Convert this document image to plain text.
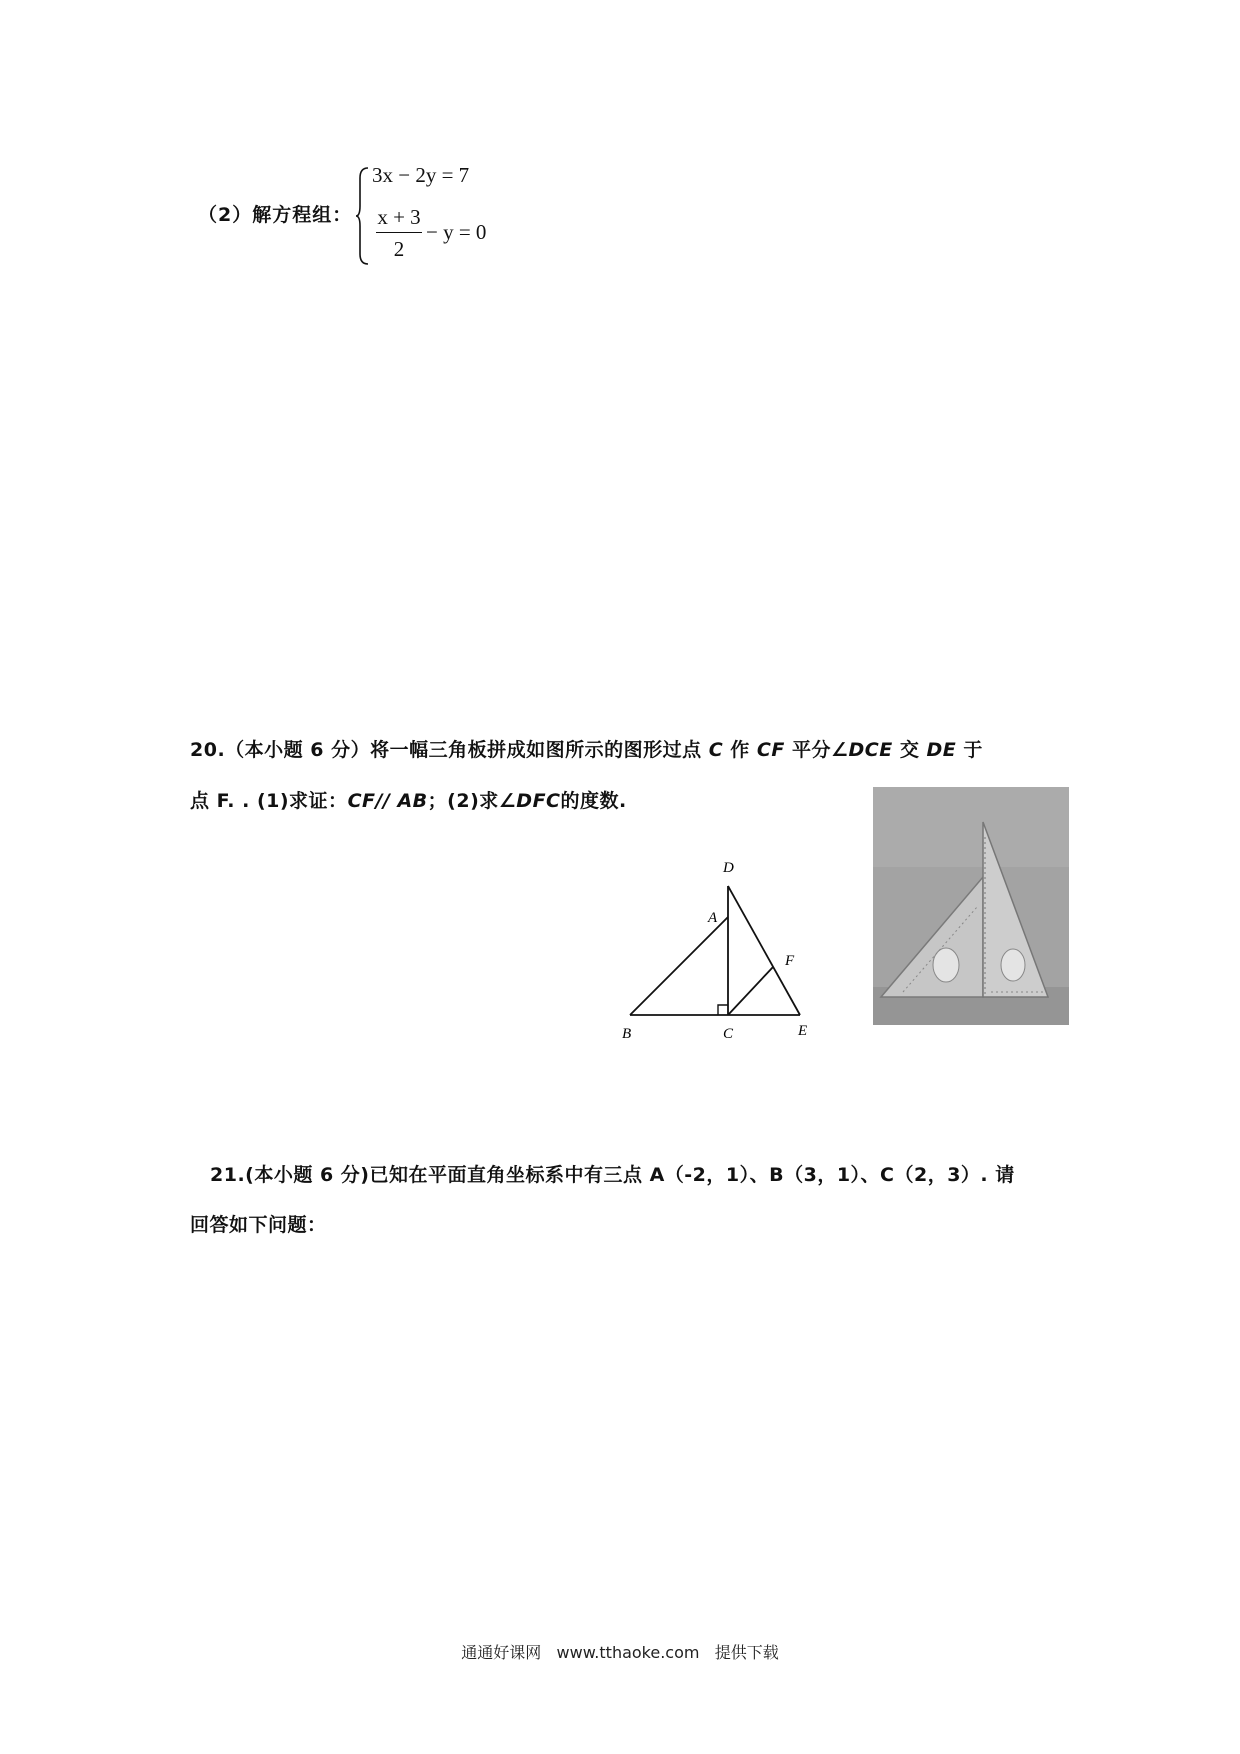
（2）解方程组：
3x − 2y = 7
$\frac{x + 3}{2} - y = 0$
20.（本小题 6 分）将一幅三角板拼成如图所示的图形过点 C 作 CF 平分∠DCE 交 DE 于
点 F. . (1)求证：CF// AB；(2)求∠DFC的度数.
D
A
F
B	C	E
21.(本小题 6 分)已知在平面直角坐标系中有三点 A（-2，1）、B（3，1）、C（2，3）. 请
回答如下问题：
通通好课网 www.tthaoke.com 提供下载
